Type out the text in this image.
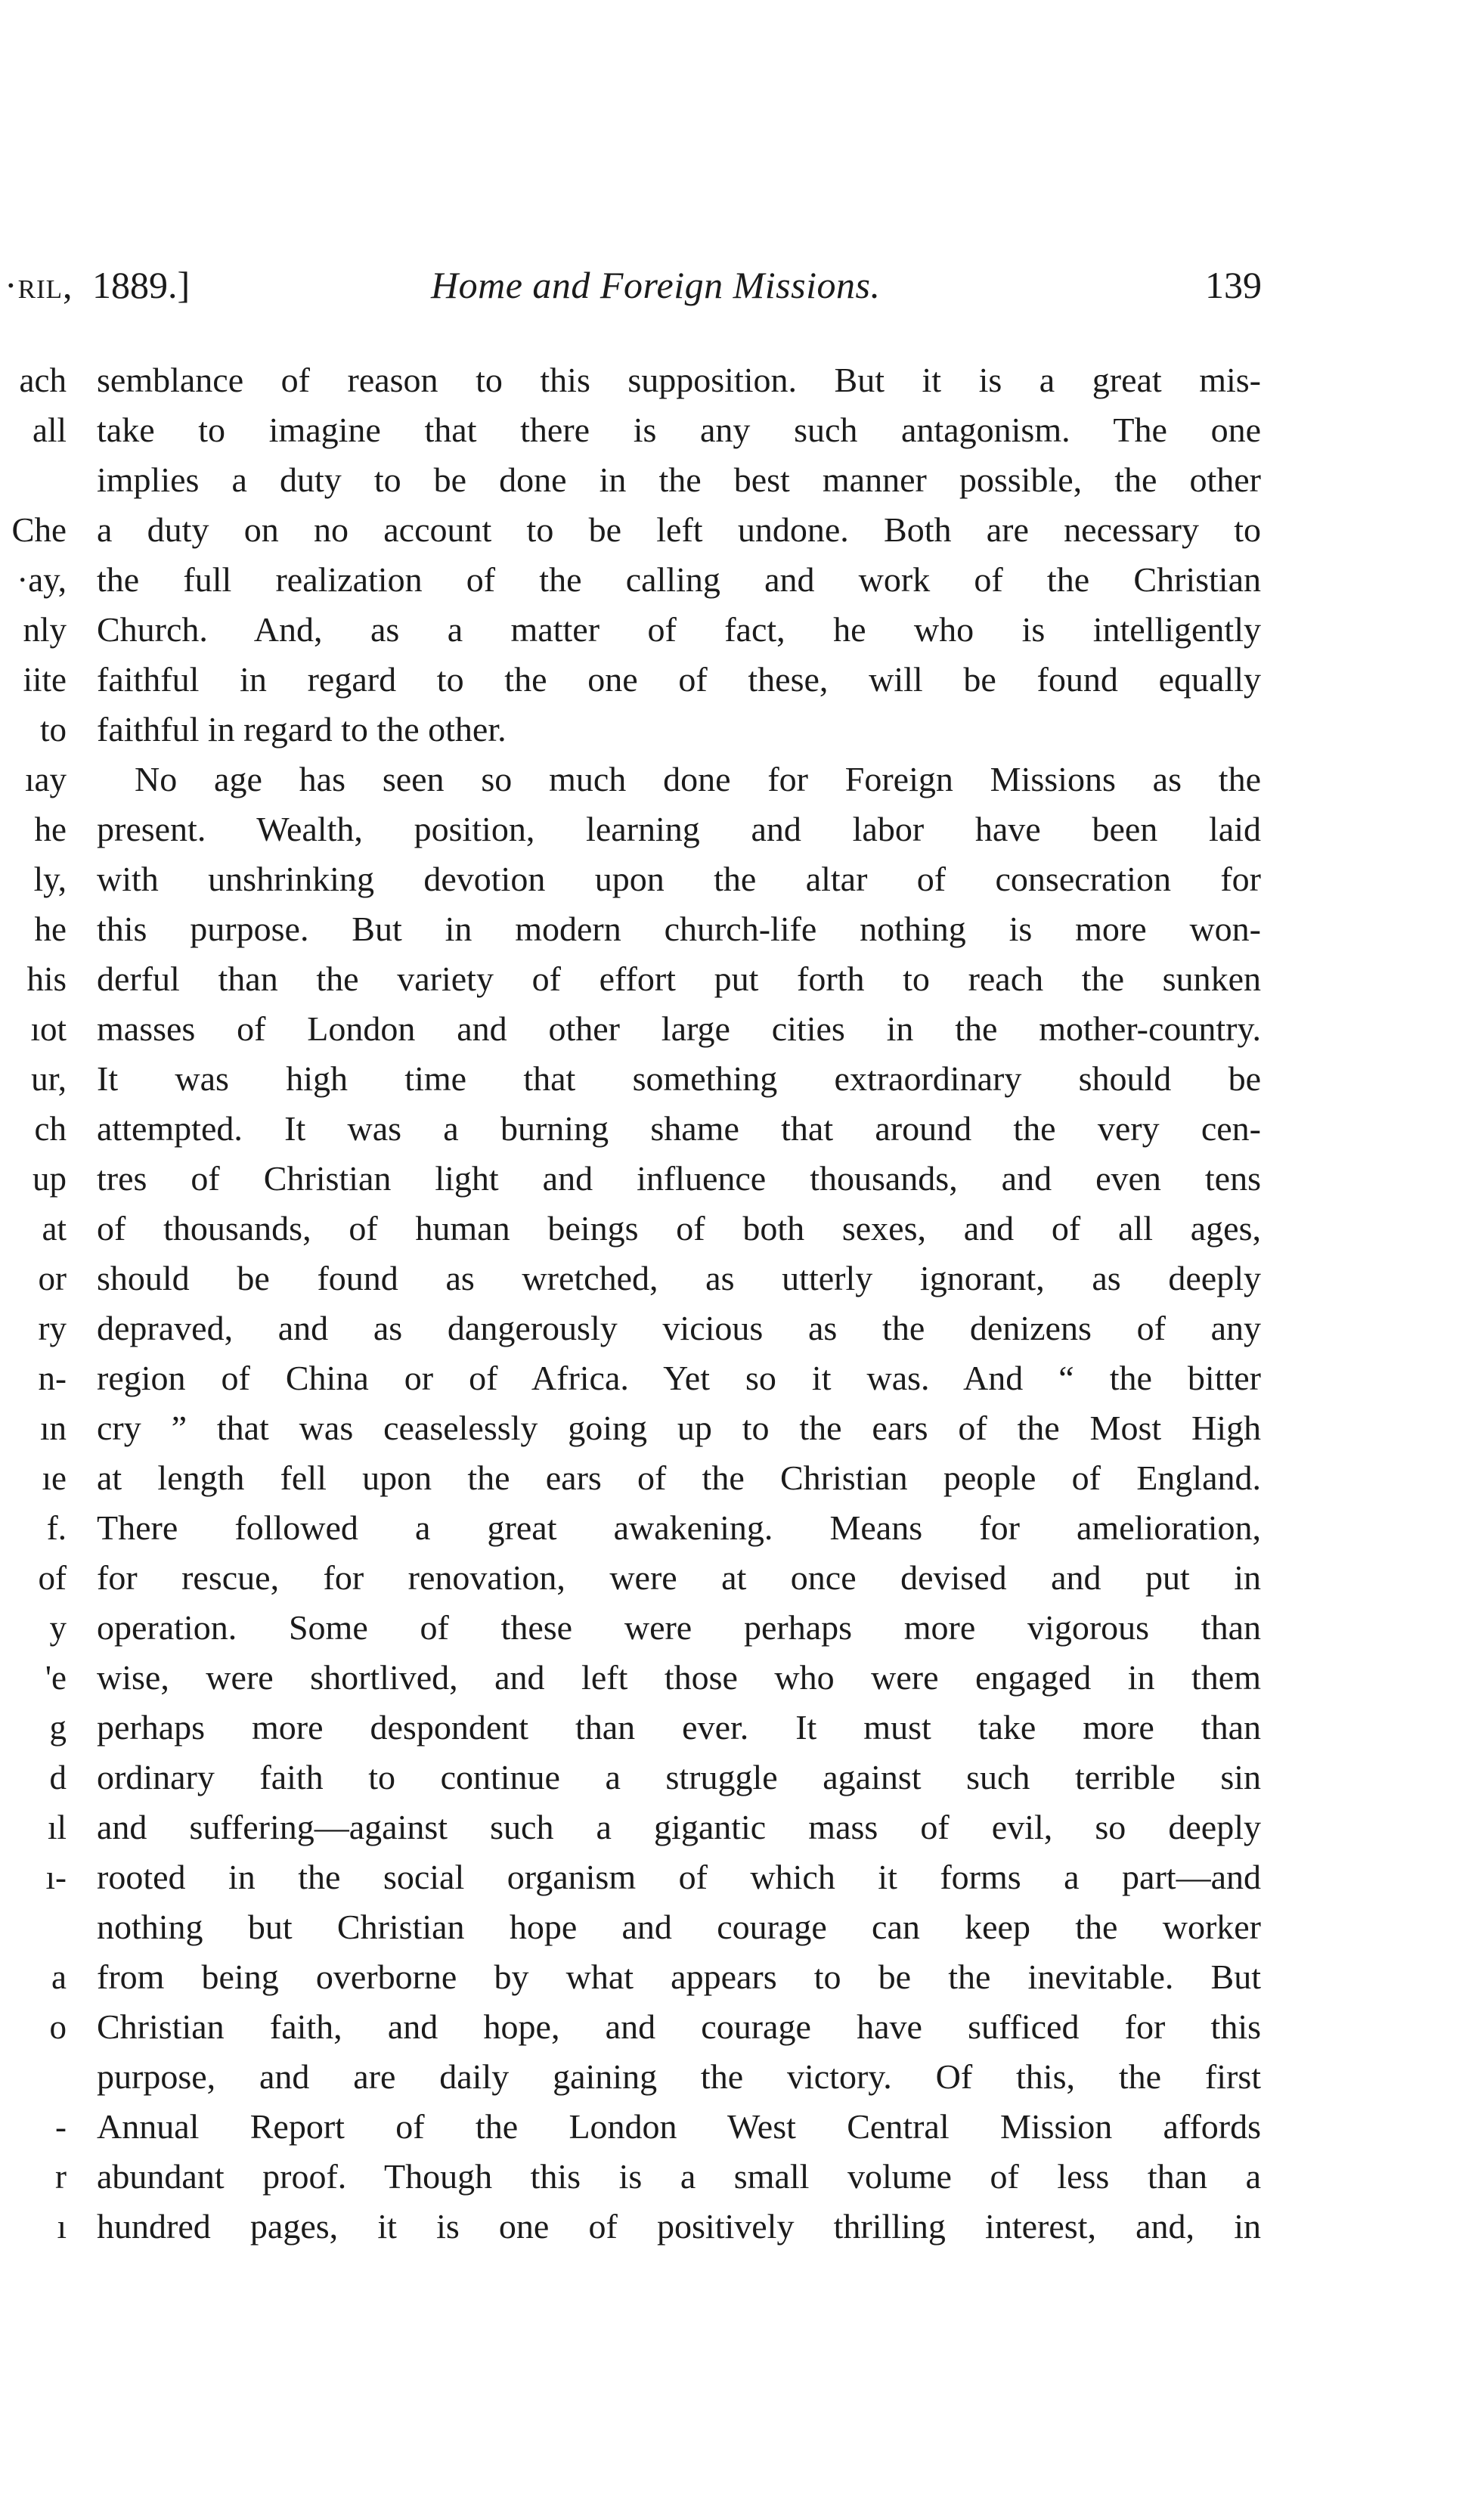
·ril, 1889.]	Home and Foreign Missions.	139
ach
all
Che
·ay,
nly
iite
to
ıay
he
ly,
he
his
ıot
ur,
ch
up
at
or
ry
n-
ın
ıe
f.
of
y
'e
g
d
ıl
ı-
a
o
-
r
ı
semblance of reason to this supposition. But it is a great mis-
take to imagine that there is any such antagonism. The one
implies a duty to be done in the best manner possible, the other
a duty on no account to be left undone. Both are necessary to
the full realization of the calling and work of the Christian
Church. And, as a matter of fact, he who is intelligently
faithful in regard to the one of these, will be found equally
faithful in regard to the other.
No age has seen so much done for Foreign Missions as the
present. Wealth, position, learning and labor have been laid
with unshrinking devotion upon the altar of consecration for
this purpose. But in modern church-life nothing is more won-
derful than the variety of effort put forth to reach the sunken
masses of London and other large cities in the mother-country.
It was high time that something extraordinary should be
attempted. It was a burning shame that around the very cen-
tres of Christian light and influence thousands, and even tens
of thousands, of human beings of both sexes, and of all ages,
should be found as wretched, as utterly ignorant, as deeply
depraved, and as dangerously vicious as the denizens of any
region of China or of Africa. Yet so it was. And “ the bitter
cry ” that was ceaselessly going up to the ears of the Most High
at length fell upon the ears of the Christian people of England.
There followed a great awakening. Means for amelioration,
for rescue, for renovation, were at once devised and put in
operation. Some of these were perhaps more vigorous than
wise, were shortlived, and left those who were engaged in them
perhaps more despondent than ever. It must take more than
ordinary faith to continue a struggle against such terrible sin
and suffering—against such a gigantic mass of evil, so deeply
rooted in the social organism of which it forms a part—and
nothing but Christian hope and courage can keep the worker
from being overborne by what appears to be the inevitable. But
Christian faith, and hope, and courage have sufficed for this
purpose, and are daily gaining the victory. Of this, the first
Annual Report of the London West Central Mission affords
abundant proof. Though this is a small volume of less than a
hundred pages, it is one of positively thrilling interest, and, in
